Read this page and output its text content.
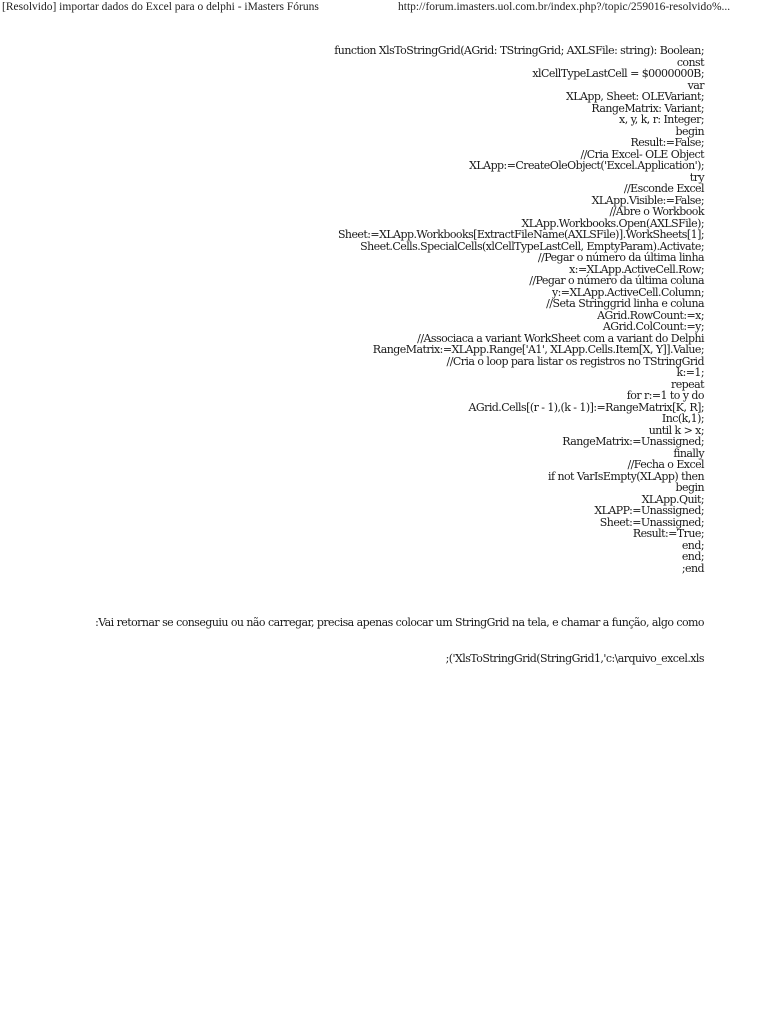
[Resolvido] importar dados do Excel para o delphi - iMasters Fóruns	http://forum.imasters.uol.com.br/index.php?/topic/259016-resolvido%...
function XlsToStringGrid(AGrid: TStringGrid; AXLSFile: string): Boolean;
const
xlCellTypeLastCell = $0000000B;
var
XLApp, Sheet: OLEVariant;
RangeMatrix: Variant;
x, y, k, r: Integer;
begin
Result:=False;
//Cria Excel- OLE Object
XLApp:=CreateOleObject('Excel.Application');
try
//Esconde Excel
XLApp.Visible:=False;
//Abre o Workbook
XLApp.Workbooks.Open(AXLSFile);
Sheet:=XLApp.Workbooks[ExtractFileName(AXLSFile)].WorkSheets[1];
Sheet.Cells.SpecialCells(xlCellTypeLastCell, EmptyParam).Activate;
//Pegar o número da última linha
x:=XLApp.ActiveCell.Row;
//Pegar o número da última coluna
y:=XLApp.ActiveCell.Column;
//Seta Stringgrid linha e coluna
AGrid.RowCount:=x;
AGrid.ColCount:=y;
//Associaca a variant WorkSheet com a variant do Delphi
RangeMatrix:=XLApp.Range['A1', XLApp.Cells.Item[X, Y]].Value;
//Cria o loop para listar os registros no TStringGrid
k:=1;
repeat
for r:=1 to y do
AGrid.Cells[(r - 1),(k - 1)]:=RangeMatrix[K, R];
Inc(k,1);
until k > x;
RangeMatrix:=Unassigned;
finally
//Fecha o Excel
if not VarIsEmpty(XLApp) then
begin
XLApp.Quit;
XLAPP:=Unassigned;
Sheet:=Unassigned;
Result:=True;
end;
end;
;end
:Vai retornar se conseguiu ou não carregar, precisa apenas colocar um StringGrid na tela, e chamar a função, algo como
;('XlsToStringGrid(StringGrid1,'c:\arquivo_excel.xls
